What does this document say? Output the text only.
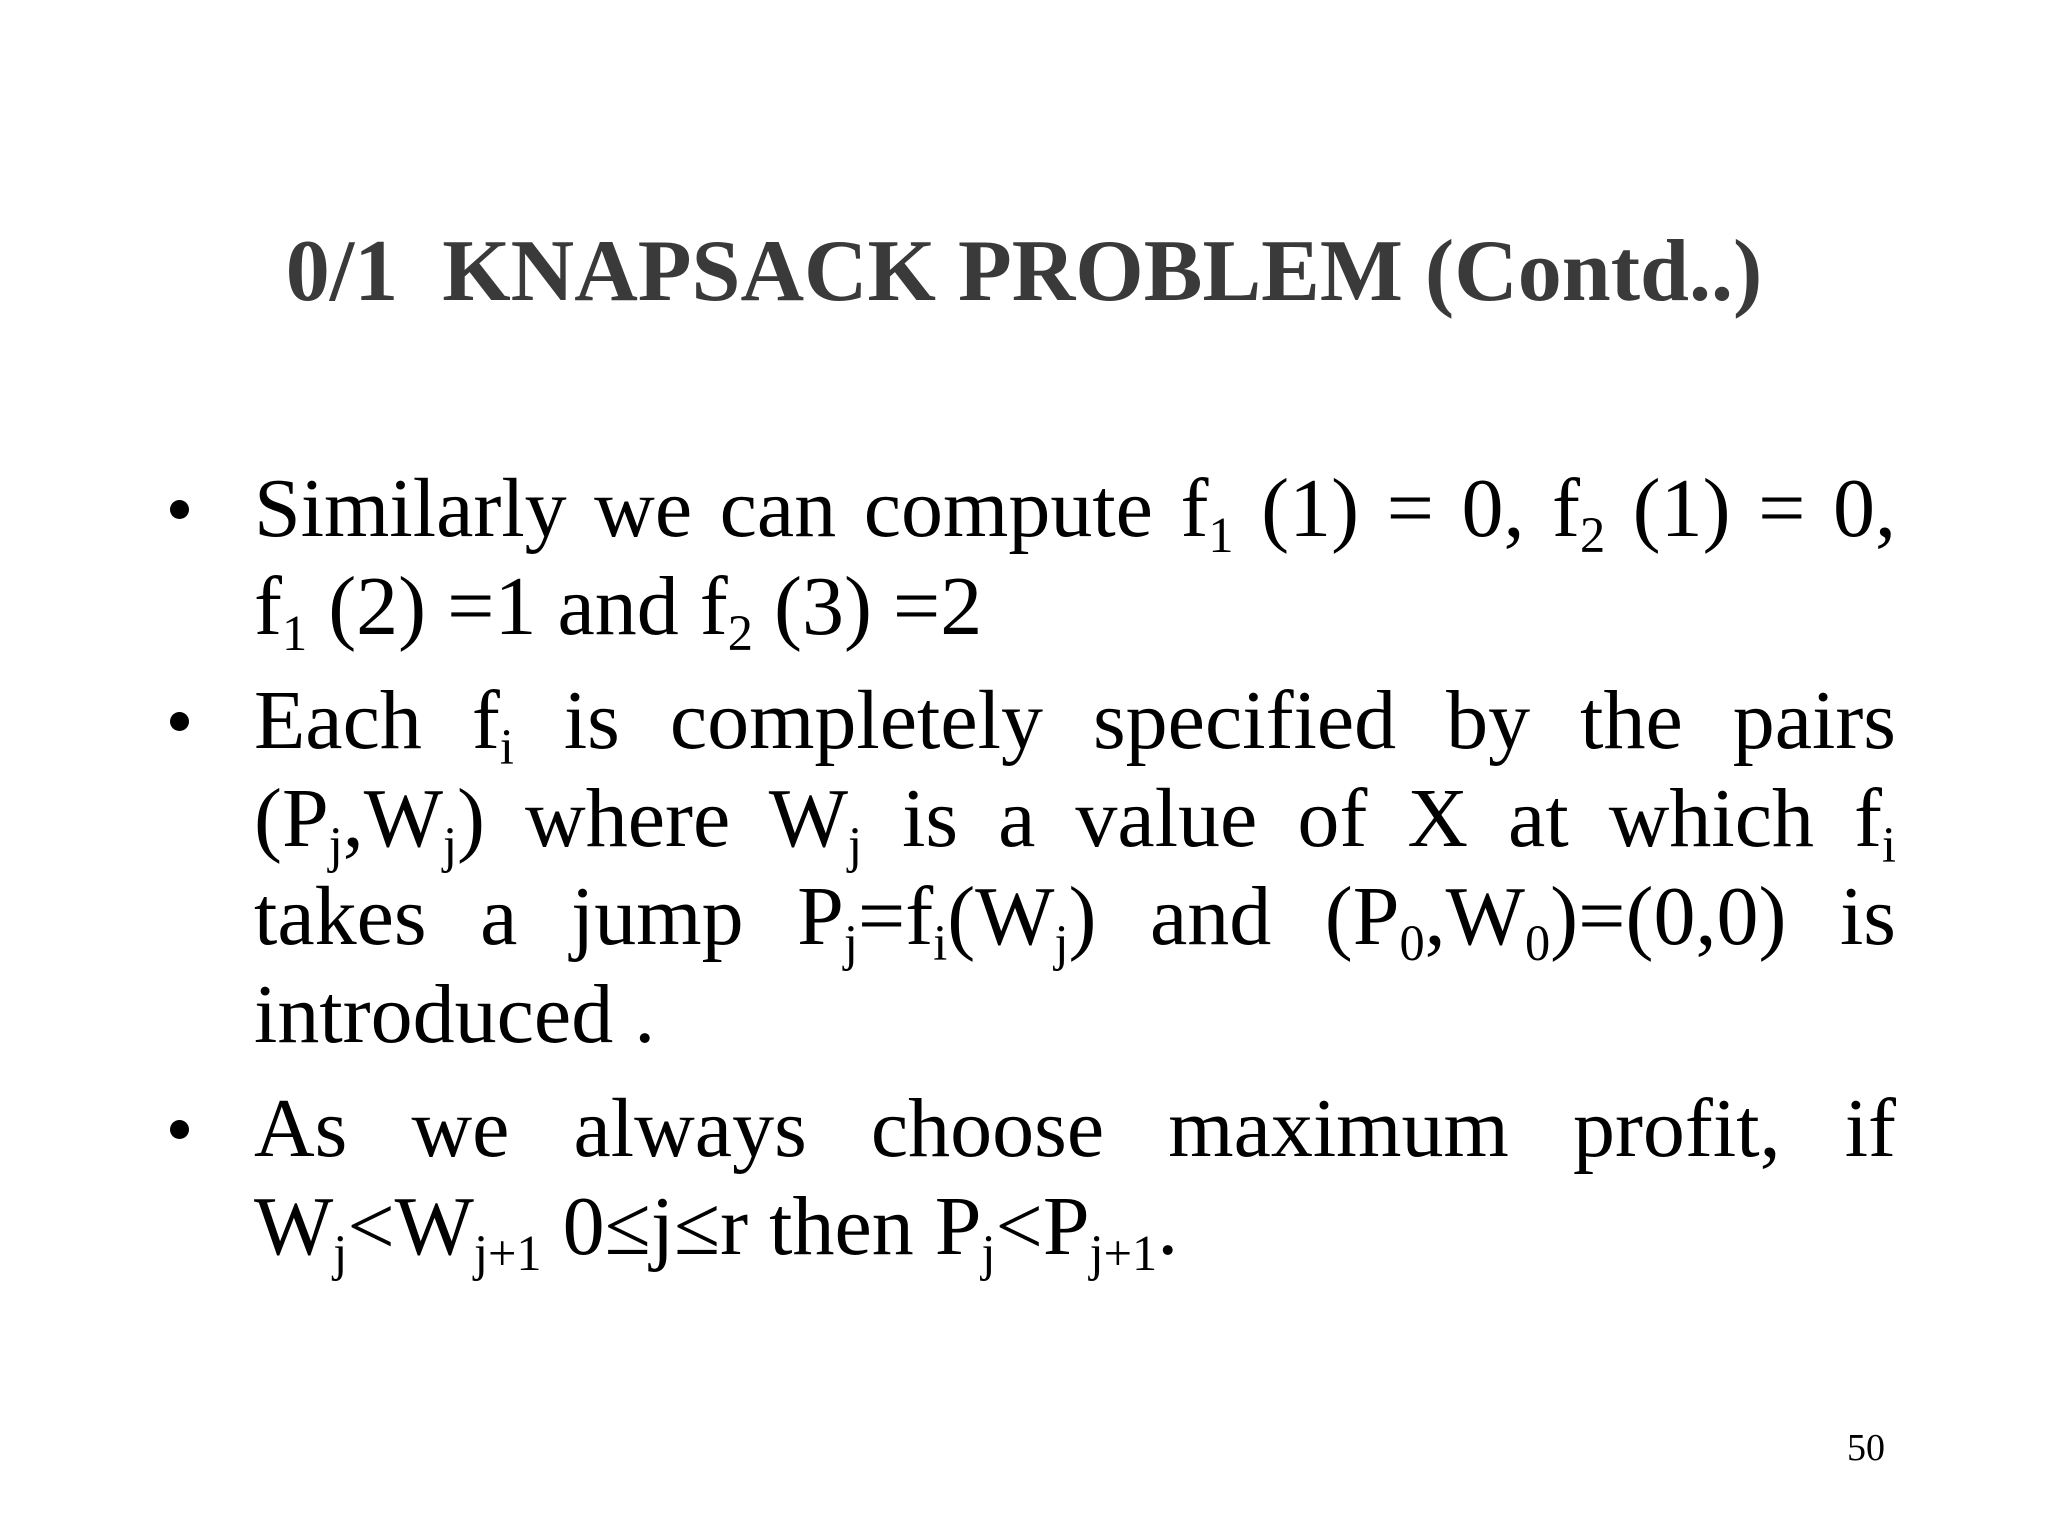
0/1  KNAPSACK PROBLEM (Contd..)
Similarly we can compute $f_1$ (1) = 0, $f_2$ (1) = 0, $f_1$ (2) =1 and $f_2$ (3) =2
Each $f_i$ is completely specified by the pairs $(P_j,W_j)$ where $W_j$ is a value of X at which $f_i$ takes a jump $P_j=f_i(W_j)$ and $(P_0,W_0)=(0,0)$ is introduced .
As we always choose maximum profit, if $W_j<W_{j+1}$ 0≤j≤r then $P_j<P_{j+1}$.
50
